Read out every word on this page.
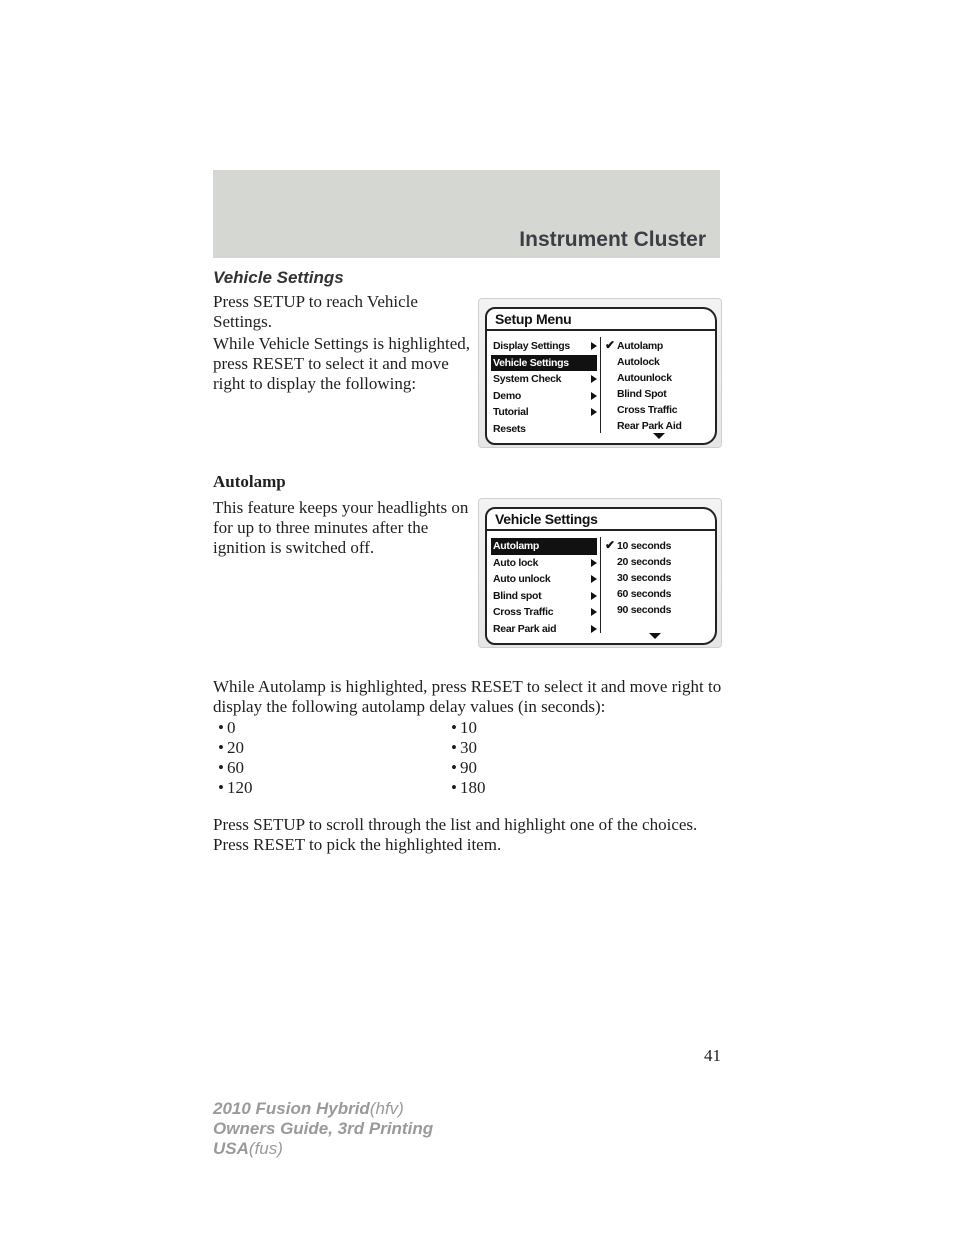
Instrument Cluster
Vehicle Settings

Press SETUP to reach Vehicle Settings.

While Vehicle Settings is highlighted, press RESET to select it and move right to display the following:

Setup Menu
Display Settings
Vehicle Settings
System Check
Demo
Tutorial
Resets
✔ Autolamp
Autolock
Autounlock
Blind Spot
Cross Traffic
Rear Park Aid
Autolamp

This feature keeps your headlights on for up to three minutes after the ignition is switched off.

Vehicle Settings
Autolamp
Auto lock
Auto unlock
Blind spot
Cross Traffic
Rear Park aid
✔ 10 seconds
20 seconds
30 seconds
60 seconds
90 seconds

While Autolamp is highlighted, press RESET to select it and move right to display the following autolamp delay values (in seconds):

• 0	• 10• 20	• 30• 60	• 90• 120	• 180

Press SETUP to scroll through the list and highlight one of the choices. Press RESET to pick the highlighted item.

41
2010 Fusion Hybrid(hfv)
Owners Guide, 3rd Printing
USA(fus)
